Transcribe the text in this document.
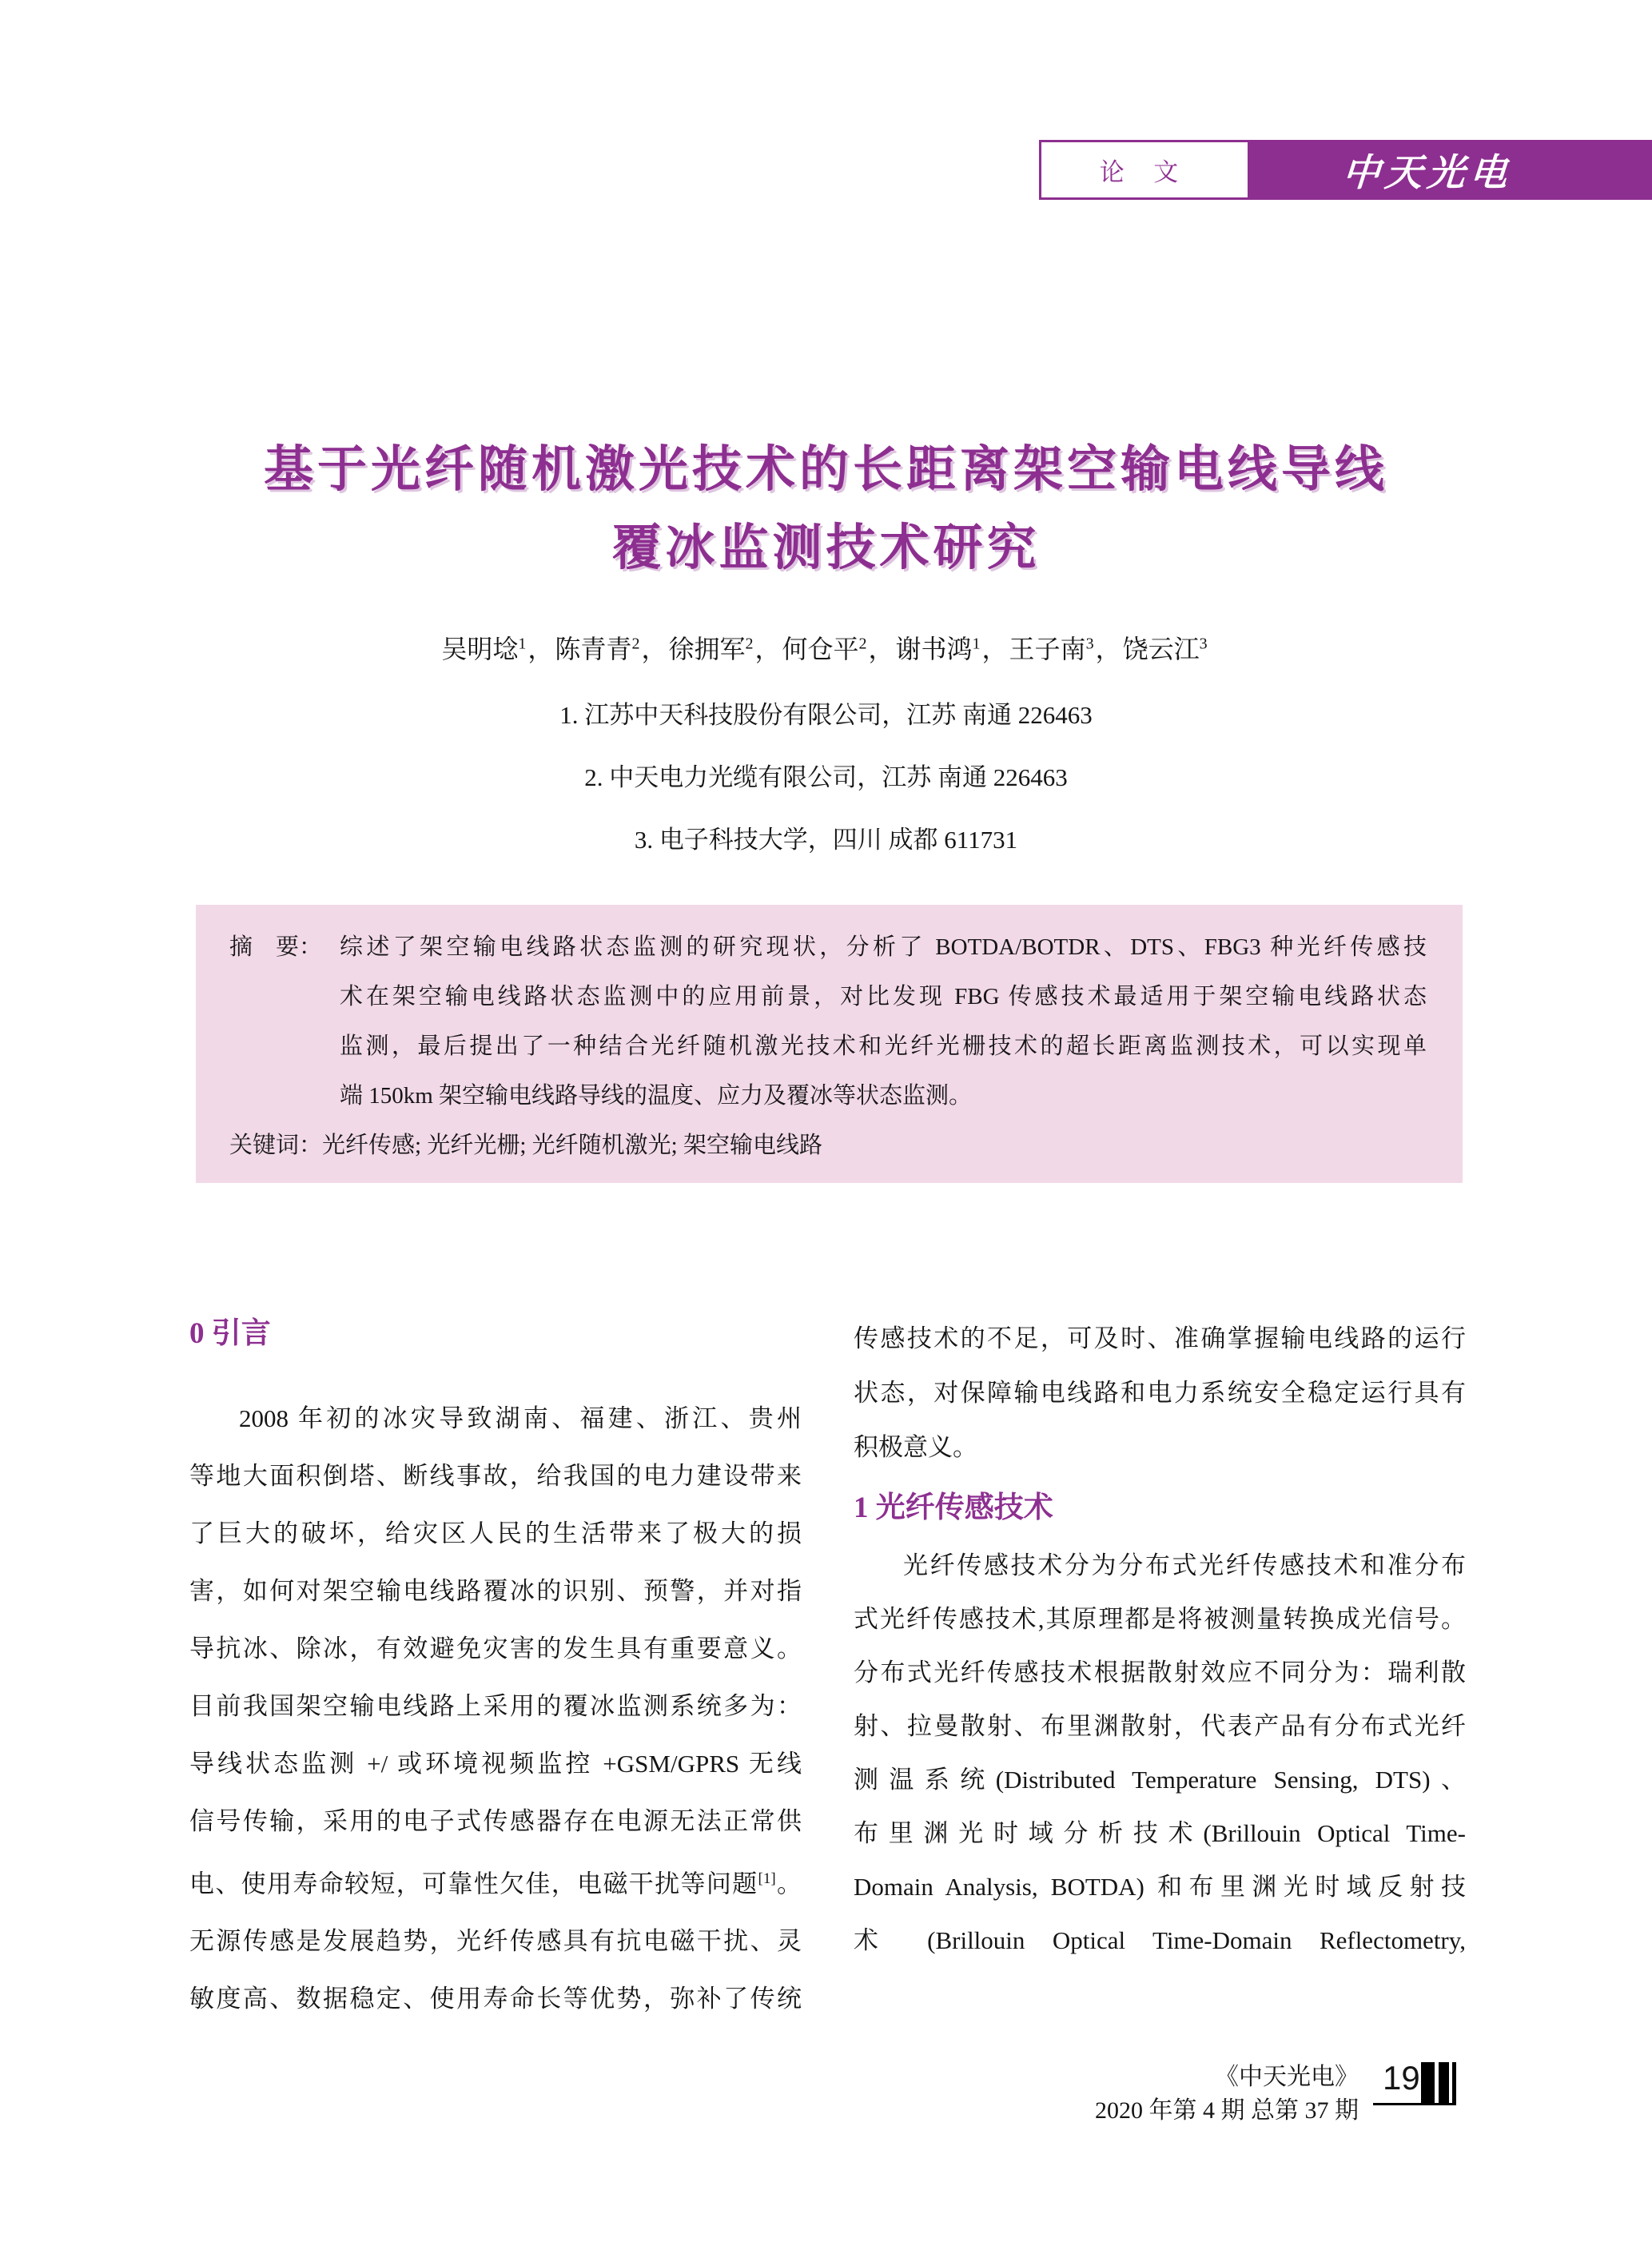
论 文	中天光电
基于光纤随机激光技术的长距离架空输电线导线
覆冰监测技术研究
吴明埝$^1$，陈青青$^2$，徐拥军$^2$，何仓平$^2$，谢书鸿$^1$，王子南$^3$，饶云江$^3$
1. 江苏中天科技股份有限公司，江苏 南通 226463
2. 中天电力光缆有限公司，江苏 南通 226463
3. 电子科技大学，四川 成都 611731
摘　要： 综述了架空输电线路状态监测的研究现状，分析了 BOTDA/BOTDR、DTS、FBG3 种光纤传感技
术在架空输电线路状态监测中的应用前景，对比发现 FBG 传感技术最适用于架空输电线路状态
监测，最后提出了一种结合光纤随机激光技术和光纤光栅技术的超长距离监测技术，可以实现单
端 150km 架空输电线路导线的温度、应力及覆冰等状态监测。
关键词：光纤传感; 光纤光栅; 光纤随机激光; 架空输电线路
0 引言
2008 年初的冰灾导致湖南、福建、浙江、贵州
等地大面积倒塔、断线事故，给我国的电力建设带来
了巨大的破坏，给灾区人民的生活带来了极大的损
害，如何对架空输电线路覆冰的识别、预警，并对指
导抗冰、除冰，有效避免灾害的发生具有重要意义。
目前我国架空输电线路上采用的覆冰监测系统多为：
导线状态监测 +/ 或环境视频监控 +GSM/GPRS 无线
信号传输，采用的电子式传感器存在电源无法正常供
电、使用寿命较短，可靠性欠佳，电磁干扰等问题[1]。
无源传感是发展趋势，光纤传感具有抗电磁干扰、灵
敏度高、数据稳定、使用寿命长等优势，弥补了传统
传感技术的不足，可及时、准确掌握输电线路的运行
状态，对保障输电线路和电力系统安全稳定运行具有
积极意义。
1 光纤传感技术
光纤传感技术分为分布式光纤传感技术和准分布
式光纤传感技术,其原理都是将被测量转换成光信号。
分布式光纤传感技术根据散射效应不同分为：瑞利散
射、拉曼散射、布里渊散射，代表产品有分布式光纤
测温系统(Distributed Temperature Sensing, DTS)、
布里渊光时域分析技术(Brillouin Optical Time-
Domain Analysis, BOTDA) 和布里渊光时域反射技
术 (Brillouin Optical Time-Domain Reflectometry,
《中天光电》
2020 年第 4 期 总第 37 期
19
